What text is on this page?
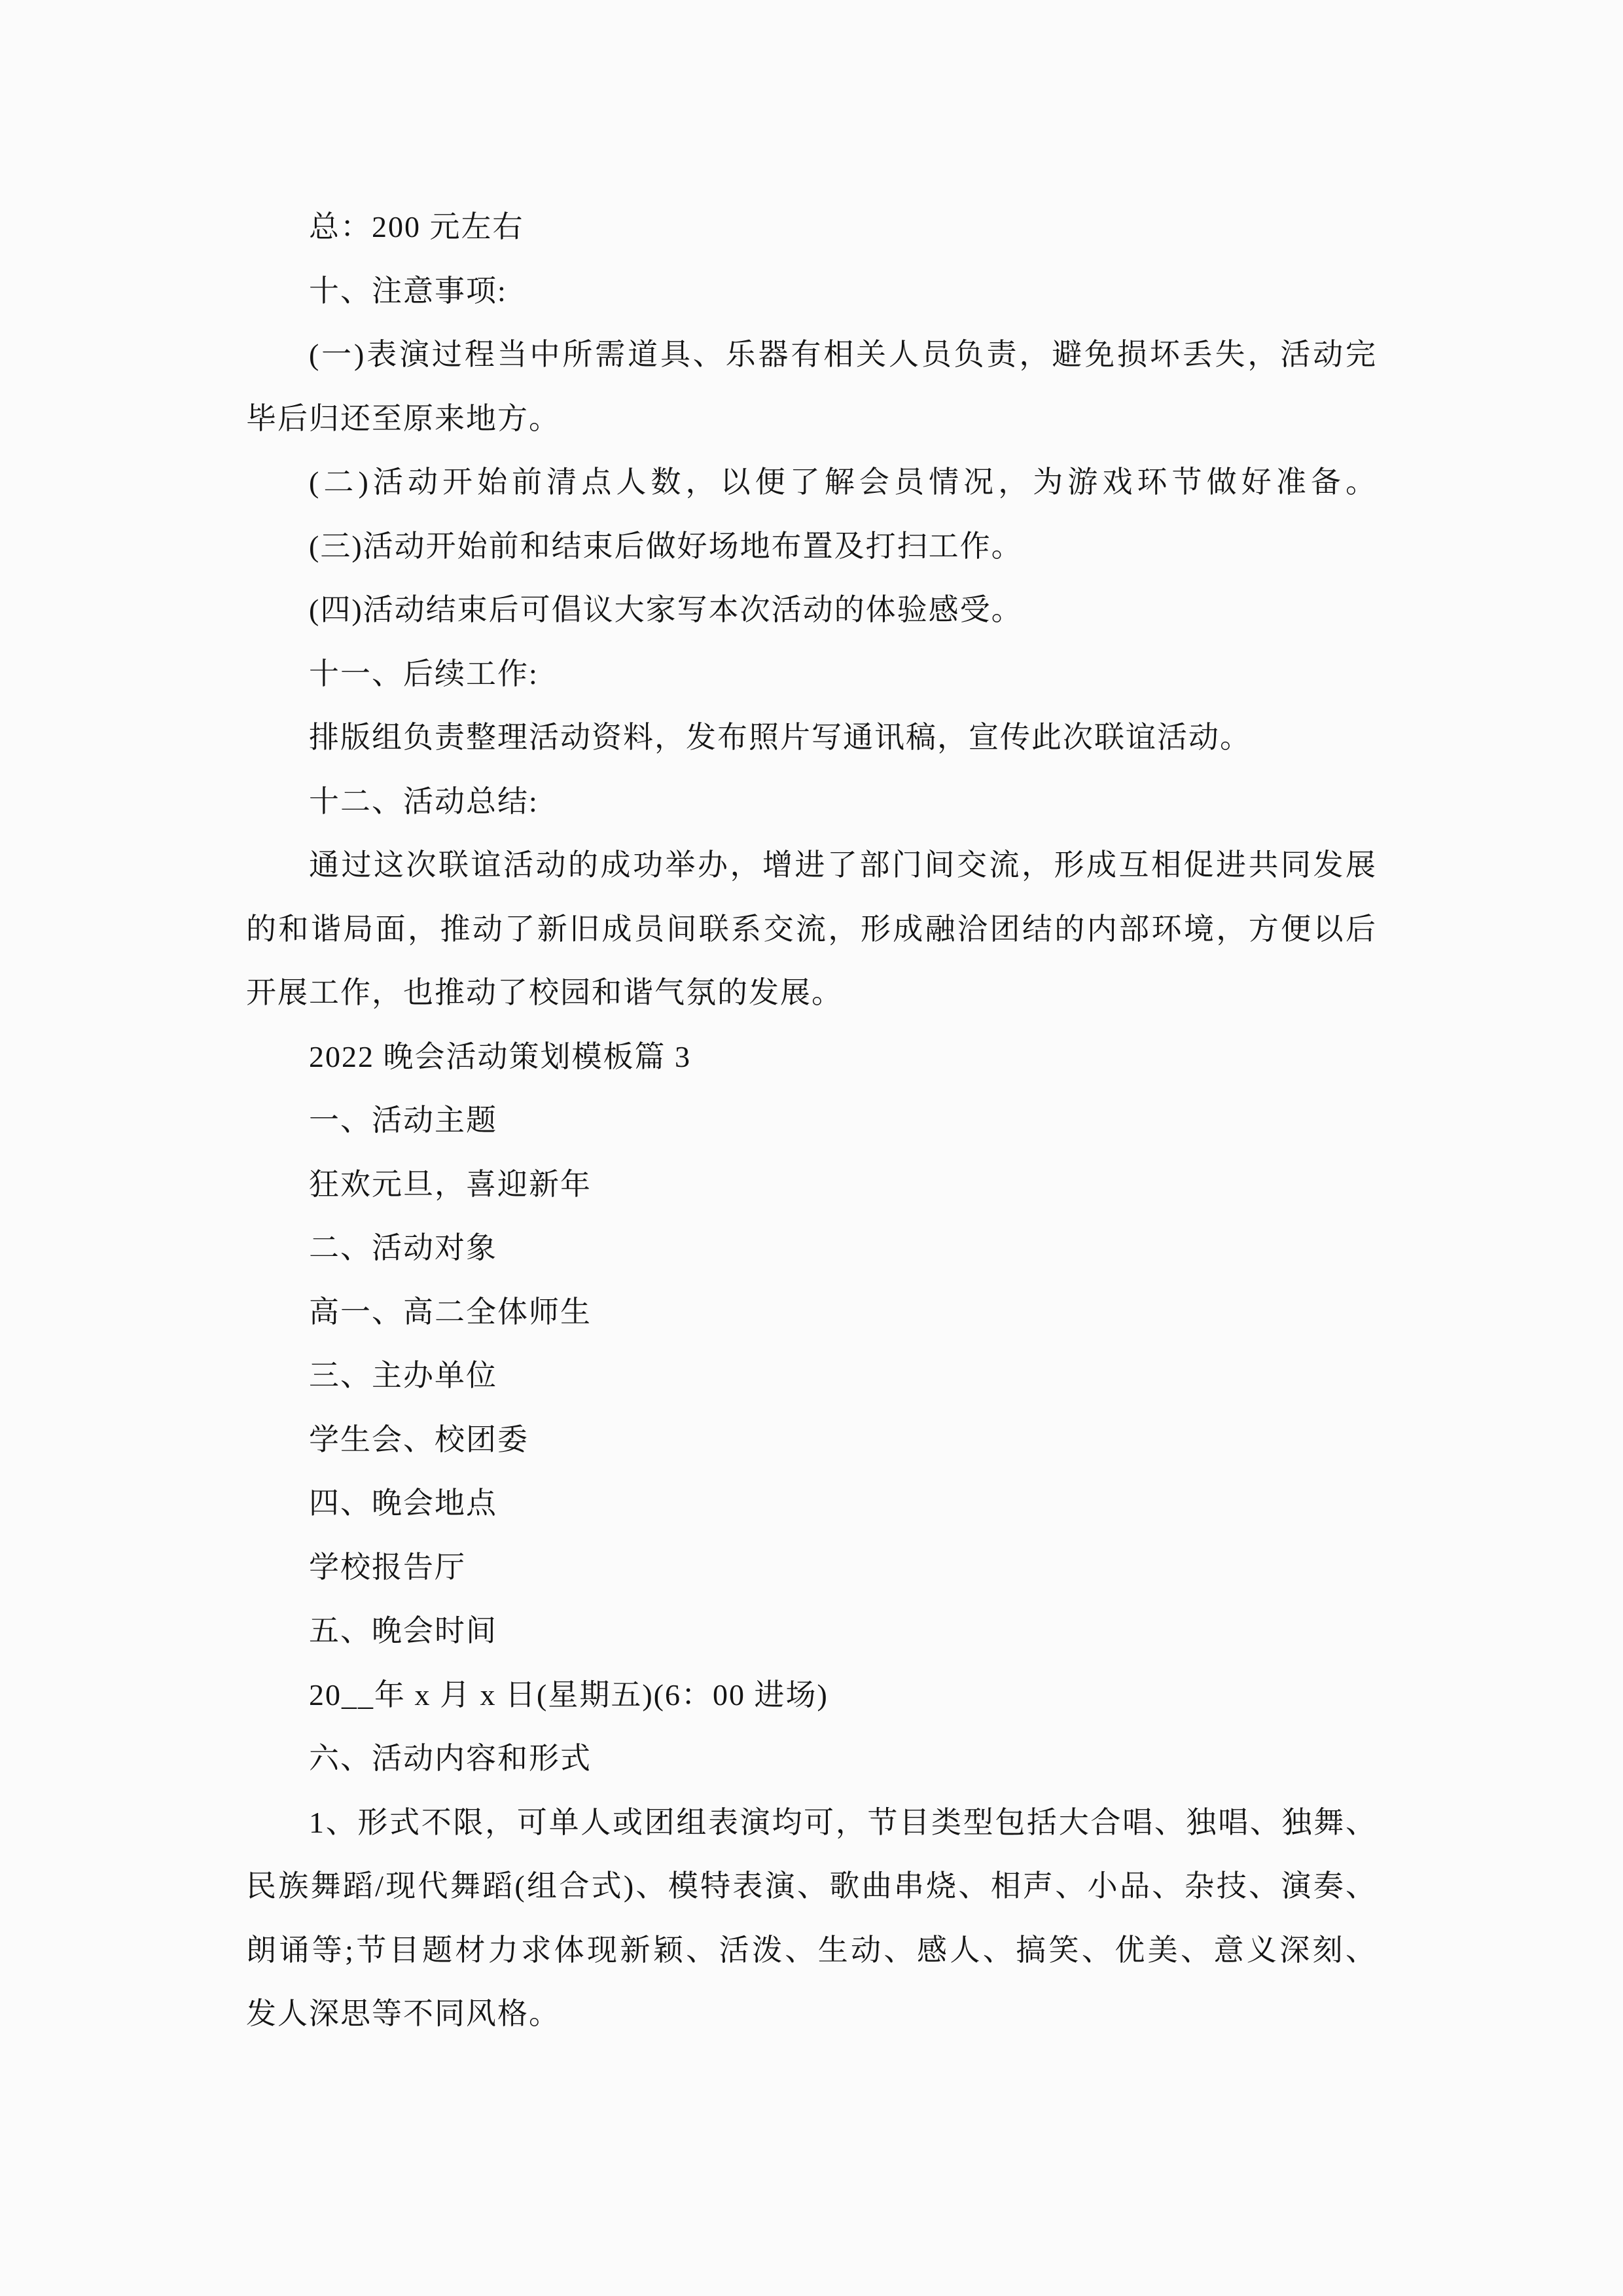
总：200 元左右
十、注意事项:
(一)表演过程当中所需道具、乐器有相关人员负责，避免损坏丢失，活动完
毕后归还至原来地方。
(二)活动开始前清点人数，以便了解会员情况，为游戏环节做好准备。
(三)活动开始前和结束后做好场地布置及打扫工作。
(四)活动结束后可倡议大家写本次活动的体验感受。
十一、后续工作:
排版组负责整理活动资料，发布照片写通讯稿，宣传此次联谊活动。
十二、活动总结:
通过这次联谊活动的成功举办，增进了部门间交流，形成互相促进共同发展
的和谐局面，推动了新旧成员间联系交流，形成融洽团结的内部环境，方便以后
开展工作，也推动了校园和谐气氛的发展。
2022 晚会活动策划模板篇 3
一、活动主题
狂欢元旦，喜迎新年
二、活动对象
高一、高二全体师生
三、主办单位
学生会、校团委
四、晚会地点
学校报告厅
五、晚会时间
20__年 x 月 x 日(星期五)(6：00 进场)
六、活动内容和形式
1、形式不限，可单人或团组表演均可，节目类型包括大合唱、独唱、独舞、
民族舞蹈/现代舞蹈(组合式)、模特表演、歌曲串烧、相声、小品、杂技、演奏、
朗诵等;节目题材力求体现新颖、活泼、生动、感人、搞笑、优美、意义深刻、
发人深思等不同风格。
